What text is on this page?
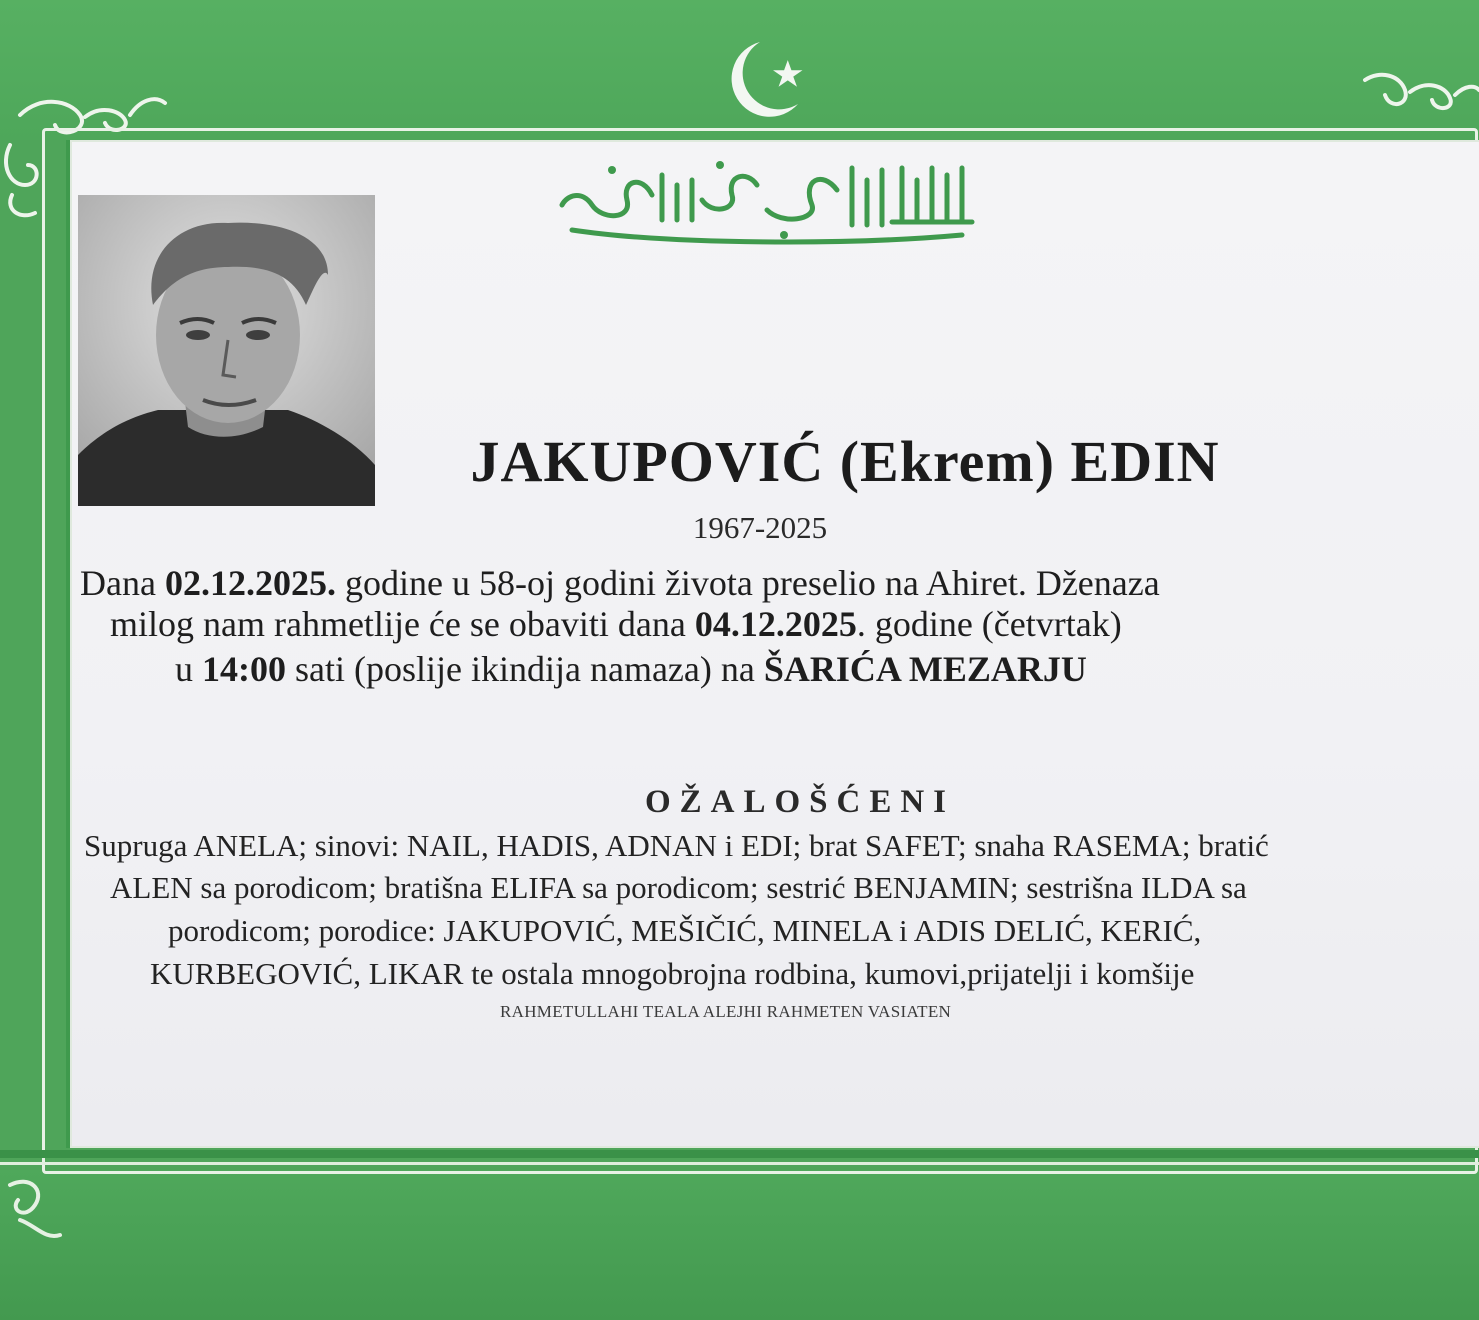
لا إله إلا الله محمد رسول الله
JAKUPOVIĆ (Ekrem) EDIN
1967-2025
Dana 02.12.2025. godine u 58-oj godini života preselio na Ahiret. Dženaza
milog nam rahmetlije će se obaviti dana 04.12.2025. godine (četvrtak)
u 14:00 sati (poslije ikindija namaza) na ŠARIĆA MEZARJU
OŽALOŠĆENI
Supruga ANELA; sinovi: NAIL, HADIS, ADNAN i EDI; brat SAFET; snaha RASEMA; bratić
ALEN sa porodicom; bratišna ELIFA sa porodicom; sestrić BENJAMIN; sestrišna ILDA sa
porodicom; porodice: JAKUPOVIĆ, MEŠIČIĆ, MINELA i ADIS DELIĆ, KERIĆ,
KURBEGOVIĆ, LIKAR te ostala mnogobrojna rodbina, kumovi,prijatelji i komšije
RAHMETULLAHI TEALA ALEJHI RAHMETEN VASIATEN
